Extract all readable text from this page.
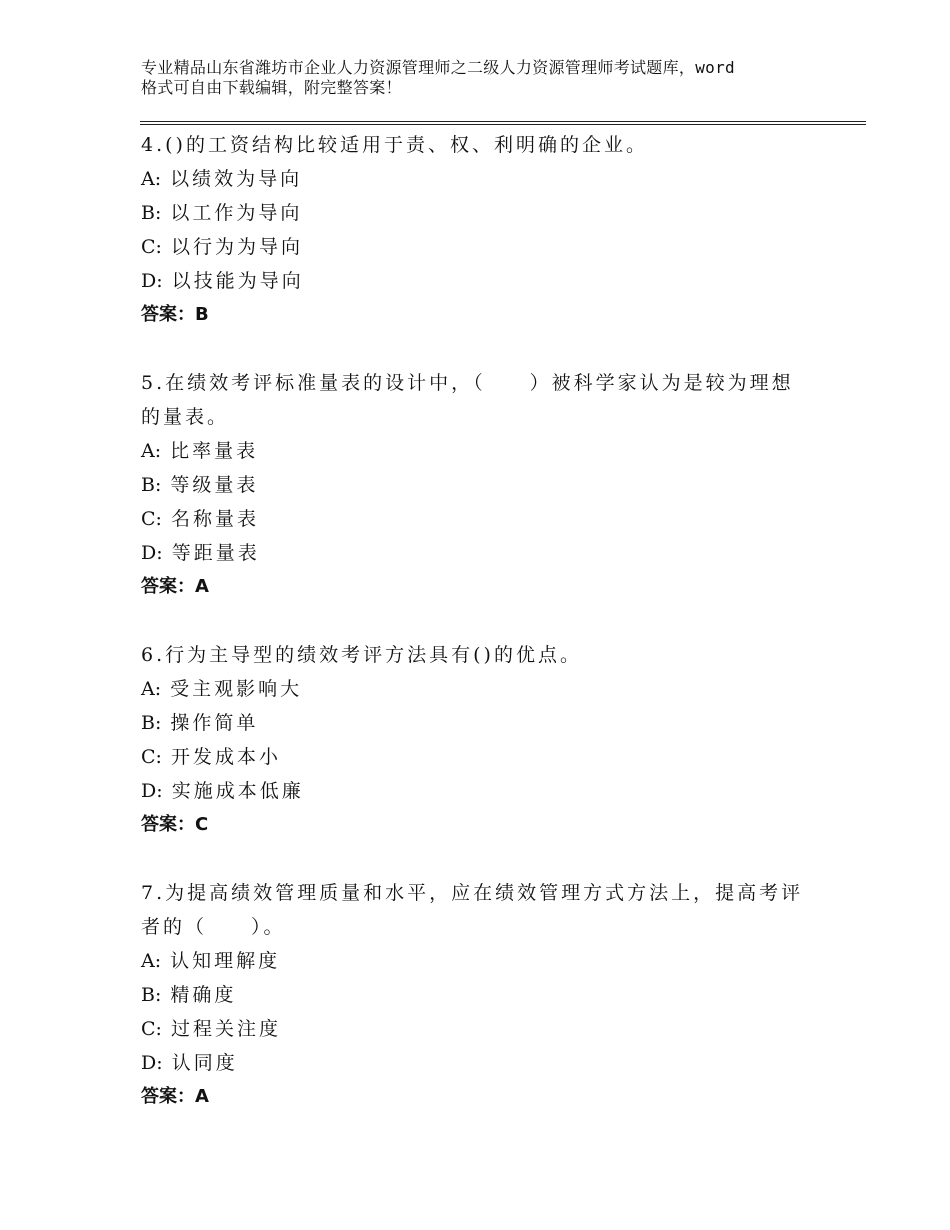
专业精品山东省潍坊市企业人力资源管理师之二级人力资源管理师考试题库，word
格式可自由下载编辑，附完整答案！
4.()的工资结构比较适用于责、权、利明确的企业。
A: 以绩效为导向
B: 以工作为导向
C: 以行为为导向
D: 以技能为导向
答案：B
5.在绩效考评标准量表的设计中，（　　）被科学家认为是较为理想
的量表。
A: 比率量表
B: 等级量表
C: 名称量表
D: 等距量表
答案：A
6.行为主导型的绩效考评方法具有()的优点。
A: 受主观影响大
B: 操作简单
C: 开发成本小
D: 实施成本低廉
答案：C
7.为提高绩效管理质量和水平，应在绩效管理方式方法上，提高考评
者的（　　）。
A: 认知理解度
B: 精确度
C: 过程关注度
D: 认同度
答案：A
